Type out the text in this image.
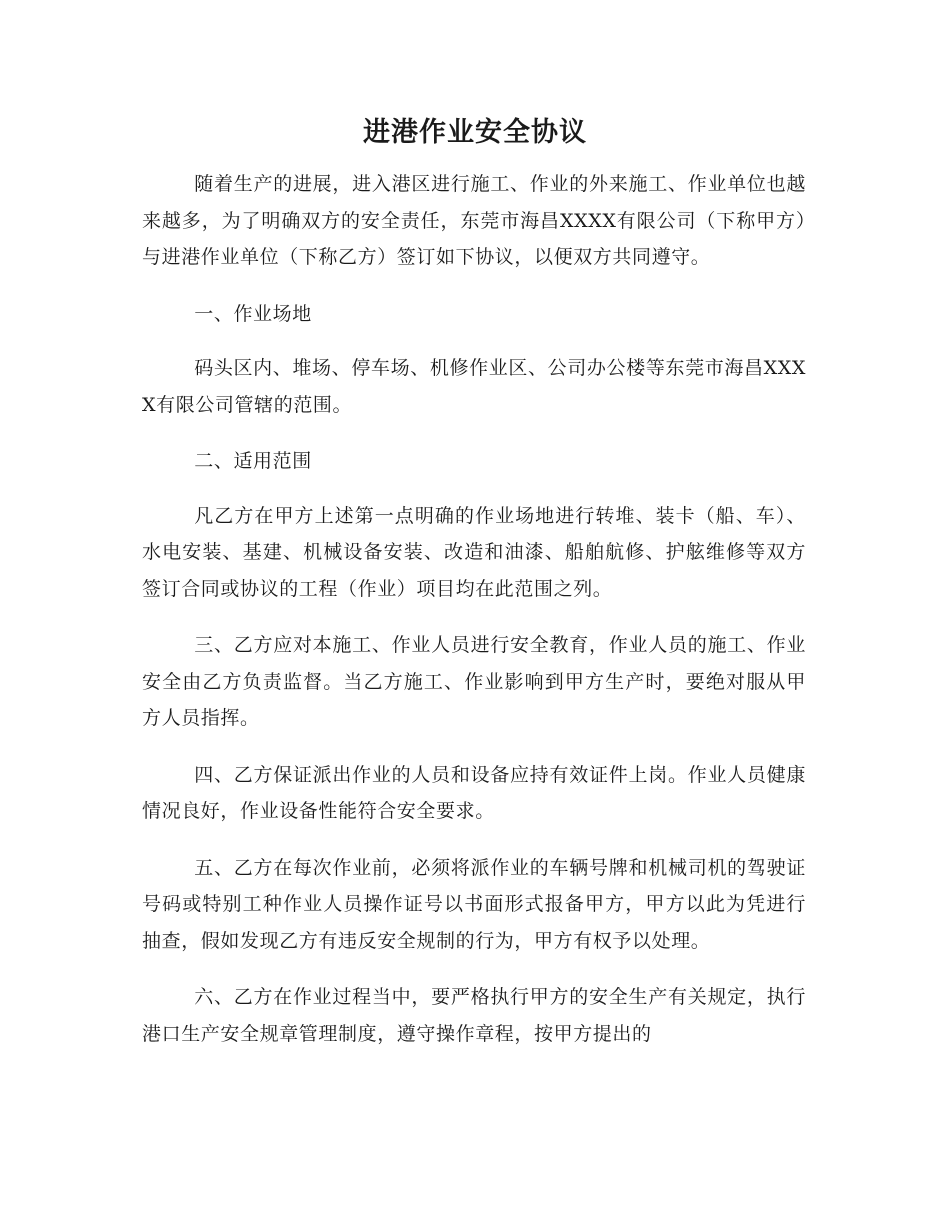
进港作业安全协议

随着生产的进展，进入港区进行施工、作业的外来施工、作业单位也越来越多，为了明确双方的安全责任，东莞市海昌XXXX有限公司（下称甲方）与进港作业单位（下称乙方）签订如下协议，以便双方共同遵守。

一、作业场地

码头区内、堆场、停车场、机修作业区、公司办公楼等东莞市海昌XXXX有限公司管辖的范围。

二、适用范围

凡乙方在甲方上述第一点明确的作业场地进行转堆、装卡（船、车）、水电安装、基建、机械设备安装、改造和油漆、船舶航修、护舷维修等双方签订合同或协议的工程（作业）项目均在此范围之列。

三、乙方应对本施工、作业人员进行安全教育，作业人员的施工、作业安全由乙方负责监督。当乙方施工、作业影响到甲方生产时，要绝对服从甲方人员指挥。

四、乙方保证派出作业的人员和设备应持有效证件上岗。作业人员健康情况良好，作业设备性能符合安全要求。

五、乙方在每次作业前，必须将派作业的车辆号牌和机械司机的驾驶证号码或特别工种作业人员操作证号以书面形式报备甲方，甲方以此为凭进行抽查，假如发现乙方有违反安全规制的行为，甲方有权予以处理。

六、乙方在作业过程当中，要严格执行甲方的安全生产有关规定，执行港口生产安全规章管理制度，遵守操作章程，按甲方提出的
